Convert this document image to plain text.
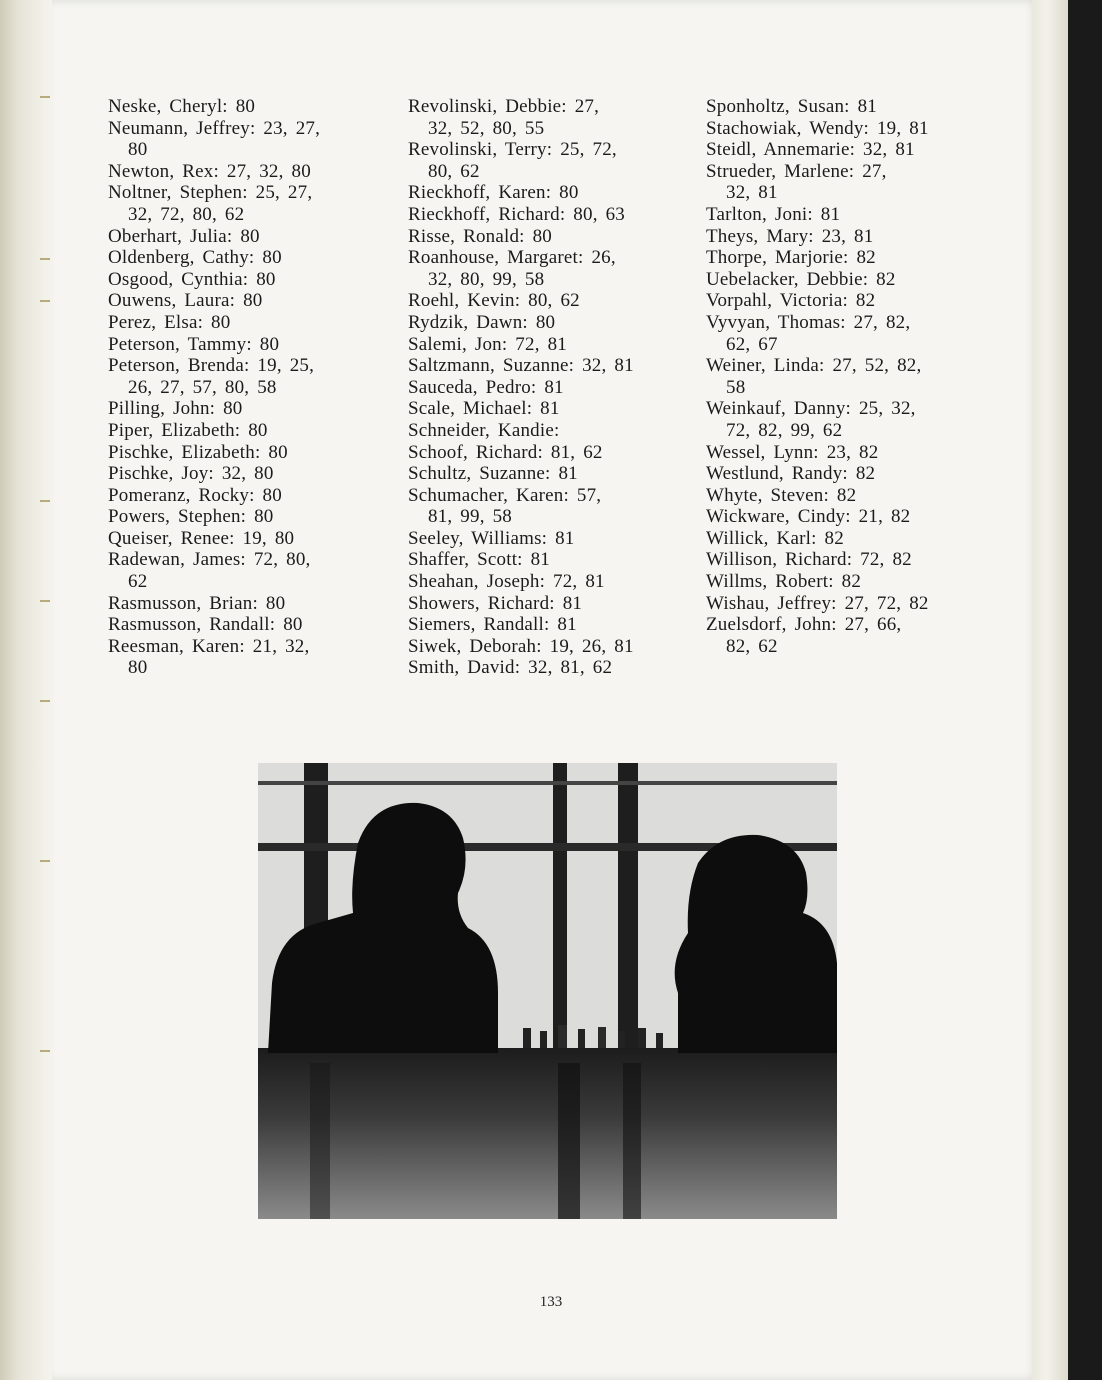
Neske, Cheryl: 80
Neumann, Jeffrey: 23, 27,
80
Newton, Rex: 27, 32, 80
Noltner, Stephen: 25, 27,
32, 72, 80, 62
Oberhart, Julia: 80
Oldenberg, Cathy: 80
Osgood, Cynthia: 80
Ouwens, Laura: 80
Perez, Elsa: 80
Peterson, Tammy: 80
Peterson, Brenda: 19, 25,
26, 27, 57, 80, 58
Pilling, John: 80
Piper, Elizabeth: 80
Pischke, Elizabeth: 80
Pischke, Joy: 32, 80
Pomeranz, Rocky: 80
Powers, Stephen: 80
Queiser, Renee: 19, 80
Radewan, James: 72, 80,
62
Rasmusson, Brian: 80
Rasmusson, Randall: 80
Reesman, Karen: 21, 32,
80
Revolinski, Debbie: 27,
32, 52, 80, 55
Revolinski, Terry: 25, 72,
80, 62
Rieckhoff, Karen: 80
Rieckhoff, Richard: 80, 63
Risse, Ronald: 80
Roanhouse, Margaret: 26,
32, 80, 99, 58
Roehl, Kevin: 80, 62
Rydzik, Dawn: 80
Salemi, Jon: 72, 81
Saltzmann, Suzanne: 32, 81
Sauceda, Pedro: 81
Scale, Michael: 81
Schneider, Kandie:
Schoof, Richard: 81, 62
Schultz, Suzanne: 81
Schumacher, Karen: 57,
81, 99, 58
Seeley, Williams: 81
Shaffer, Scott: 81
Sheahan, Joseph: 72, 81
Showers, Richard: 81
Siemers, Randall: 81
Siwek, Deborah: 19, 26, 81
Smith, David: 32, 81, 62
Sponholtz, Susan: 81
Stachowiak, Wendy: 19, 81
Steidl, Annemarie: 32, 81
Strueder, Marlene: 27,
32, 81
Tarlton, Joni: 81
Theys, Mary: 23, 81
Thorpe, Marjorie: 82
Uebelacker, Debbie: 82
Vorpahl, Victoria: 82
Vyvyan, Thomas: 27, 82,
62, 67
Weiner, Linda: 27, 52, 82,
58
Weinkauf, Danny: 25, 32,
72, 82, 99, 62
Wessel, Lynn: 23, 82
Westlund, Randy: 82
Whyte, Steven: 82
Wickware, Cindy: 21, 82
Willick, Karl: 82
Willison, Richard: 72, 82
Willms, Robert: 82
Wishau, Jeffrey: 27, 72, 82
Zuelsdorf, John: 27, 66,
82, 62
133
